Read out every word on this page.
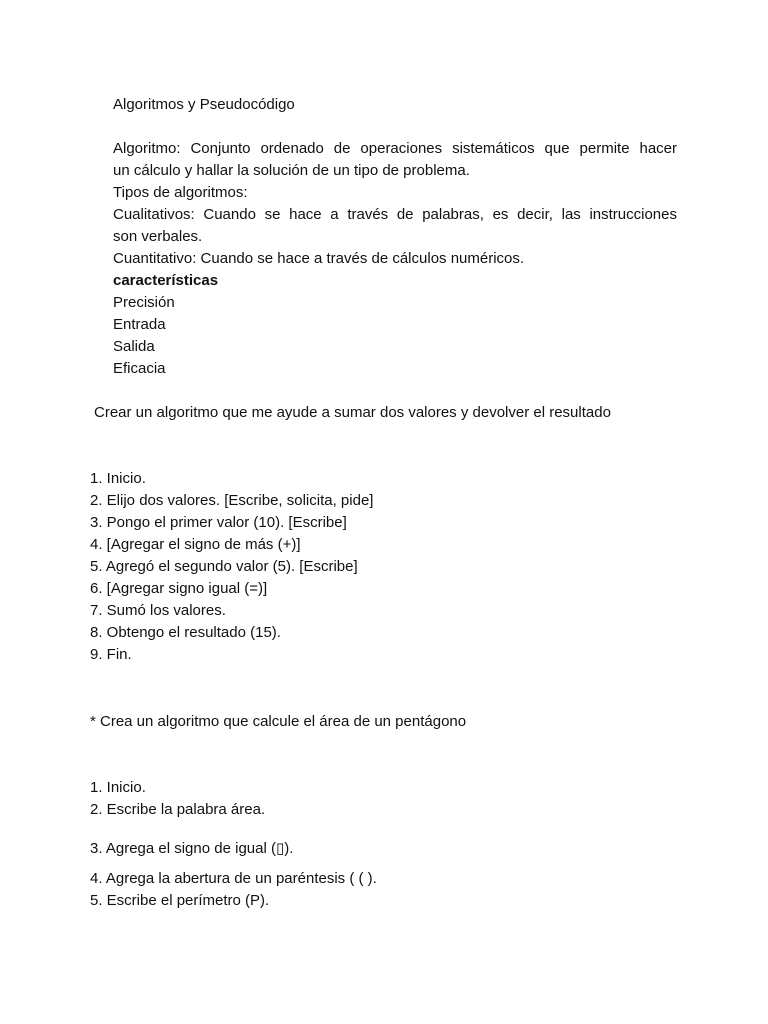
Algoritmos y Pseudocódigo

Algoritmo: Conjunto ordenado de operaciones sistemáticos que permite hacer

un cálculo y hallar la solución de un tipo de problema.

Tipos de algoritmos:

Cualitativos: Cuando se hace a través de palabras, es decir, las instrucciones

son verbales.

Cuantitativo: Cuando se hace a través de cálculos numéricos.

características

Precisión

Entrada

Salida

Eficacia

Crear un algoritmo que me ayude a sumar dos valores y devolver el resultado

1. Inicio.

2. Elijo dos valores. [Escribe, solicita, pide]

3. Pongo el primer valor (10). [Escribe]

4. [Agregar el signo de más (+)]

5. Agregó el segundo valor (5). [Escribe]

6. [Agregar signo igual (=)]

7. Sumó los valores.

8. Obtengo el resultado (15).

9. Fin.

* Crea un algoritmo que calcule el área de un pentágono

1. Inicio.

2. Escribe la palabra área.

3. Agrega el signo de igual (▯).

4. Agrega la abertura de un paréntesis ( ( ).

5. Escribe el perímetro (P).
